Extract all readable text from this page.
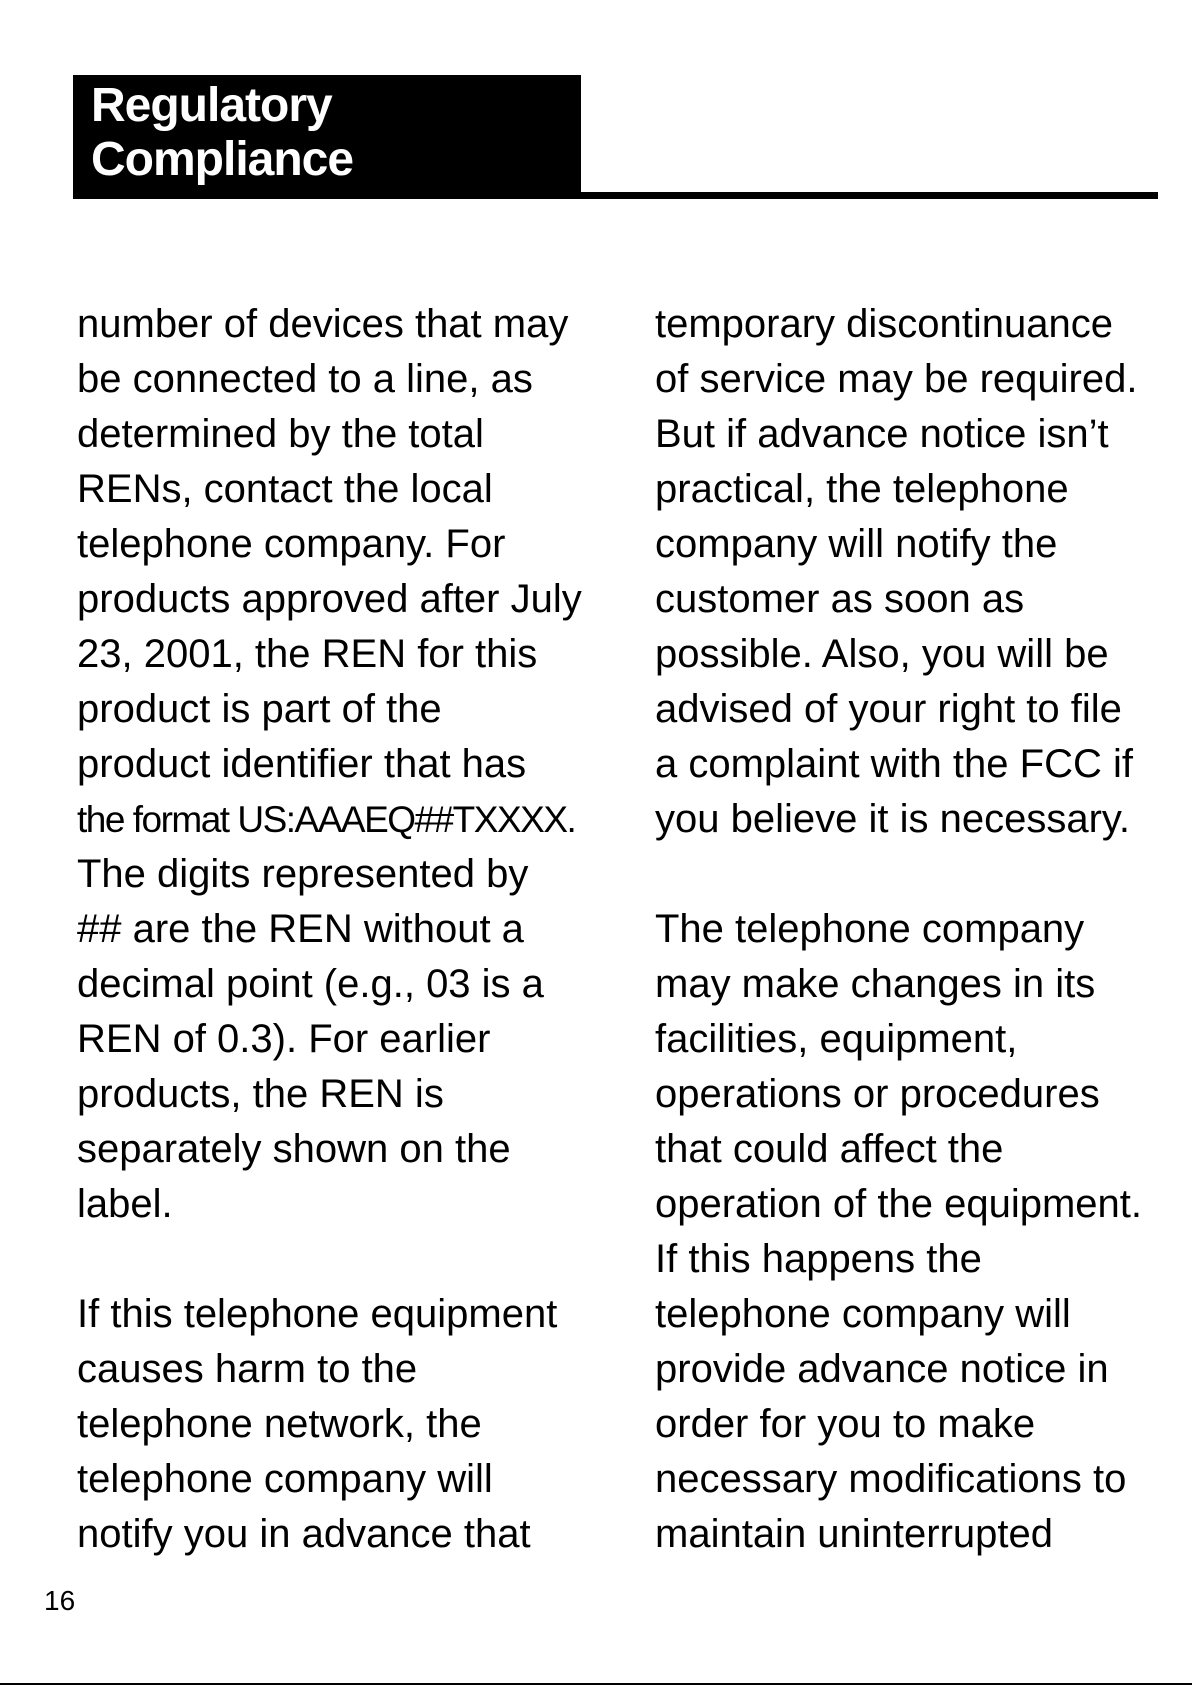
Regulatory
Compliance

number of devices that may
be connected to a line, as
determined by the total
RENs, contact the local
telephone company. For
products approved after July
23, 2001, the REN for this
product is part of the
product identifier that has
the format US:AAAEQ##TXXXX.
The digits represented by
## are the REN without a
decimal point (e.g., 03 is a
REN of 0.3). For earlier
products, the REN is
separately shown on the
label.

If this telephone equipment
causes harm to the
telephone network, the
telephone company will
notify you in advance that

temporary discontinuance
of service may be required.
But if advance notice isn’t
practical, the telephone
company will notify the
customer as soon as
possible. Also, you will be
advised of your right to file
a complaint with the FCC if
you believe it is necessary.

The telephone company
may make changes in its
facilities, equipment,
operations or procedures
that could affect the
operation of the equipment.
If this happens the
telephone company will
provide advance notice in
order for you to make
necessary modifications to
maintain uninterrupted

16
